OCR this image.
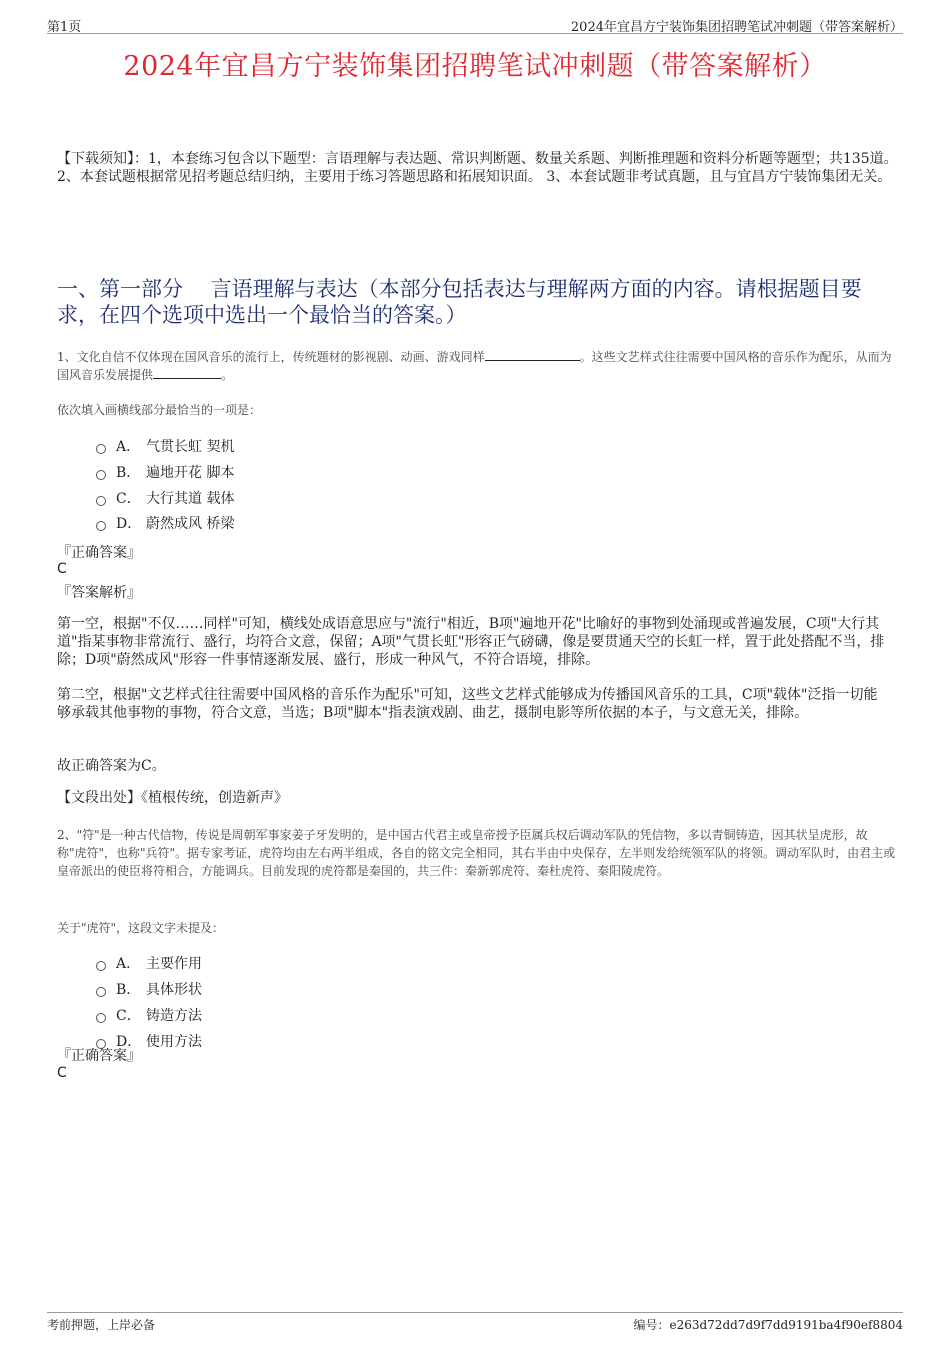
第1页	2024年宜昌方宁装饰集团招聘笔试冲刺题（带答案解析）
2024年宜昌方宁装饰集团招聘笔试冲刺题（带答案解析）
【下载须知】：1，本套练习包含以下题型：言语理解与表达题、常识判断题、数量关系题、判断推理题和资料分析题等题型；共135道。 2、本套试题根据常见招考题总结归纳，主要用于练习答题思路和拓展知识面。 3、本套试题非考试真题，且与宜昌方宁装饰集团无关。
一、第一部分　 言语理解与表达（本部分包括表达与理解两方面的内容。请根据题目要求，在四个选项中选出一个最恰当的答案。）
1、文化自信不仅体现在国风音乐的流行上，传统题材的影视剧、动画、游戏同样	。这些文艺样式往往需要中国风格的音乐作为配乐，从而为国风音乐发展提供	。
依次填入画横线部分最恰当的一项是：
A． 气贯长虹 契机
B． 遍地开花 脚本
C． 大行其道 载体
D． 蔚然成风 桥梁
『正确答案』
C
『答案解析』
第一空，根据"不仅……同样"可知，横线处成语意思应与"流行"相近，B项"遍地开花"比喻好的事物到处涌现或普遍发展，C项"大行其道"指某事物非常流行、盛行，均符合文意，保留；A项"气贯长虹"形容正气磅礴，像是要贯通天空的长虹一样，置于此处搭配不当，排除；D项"蔚然成风"形容一件事情逐渐发展、盛行，形成一种风气，不符合语境，排除。
第二空，根据"文艺样式往往需要中国风格的音乐作为配乐"可知，这些文艺样式能够成为传播国风音乐的工具，C项"载体"泛指一切能够承载其他事物的事物，符合文意，当选；B项"脚本"指表演戏剧、曲艺，摄制电影等所依据的本子，与文意无关，排除。
故正确答案为C。
【文段出处】《植根传统，创造新声》
2、"符"是一种古代信物，传说是周朝军事家姜子牙发明的，是中国古代君主或皇帝授予臣属兵权后调动军队的凭信物，多以青铜铸造，因其状呈虎形，故称"虎符"，也称"兵符"。据专家考证，虎符均由左右两半组成，各自的铭文完全相同，其右半由中央保存，左半则发给统领军队的将领。调动军队时，由君主或皇帝派出的使臣将符相合，方能调兵。目前发现的虎符都是秦国的，共三件：秦新郭虎符、秦杜虎符、秦阳陵虎符。
关于"虎符"，这段文字未提及：
A． 主要作用
B． 具体形状
C． 铸造方法
D． 使用方法
『正确答案』
C
考前押题，上岸必备	编号：e263d72dd7d9f7dd9191ba4f90ef8804
